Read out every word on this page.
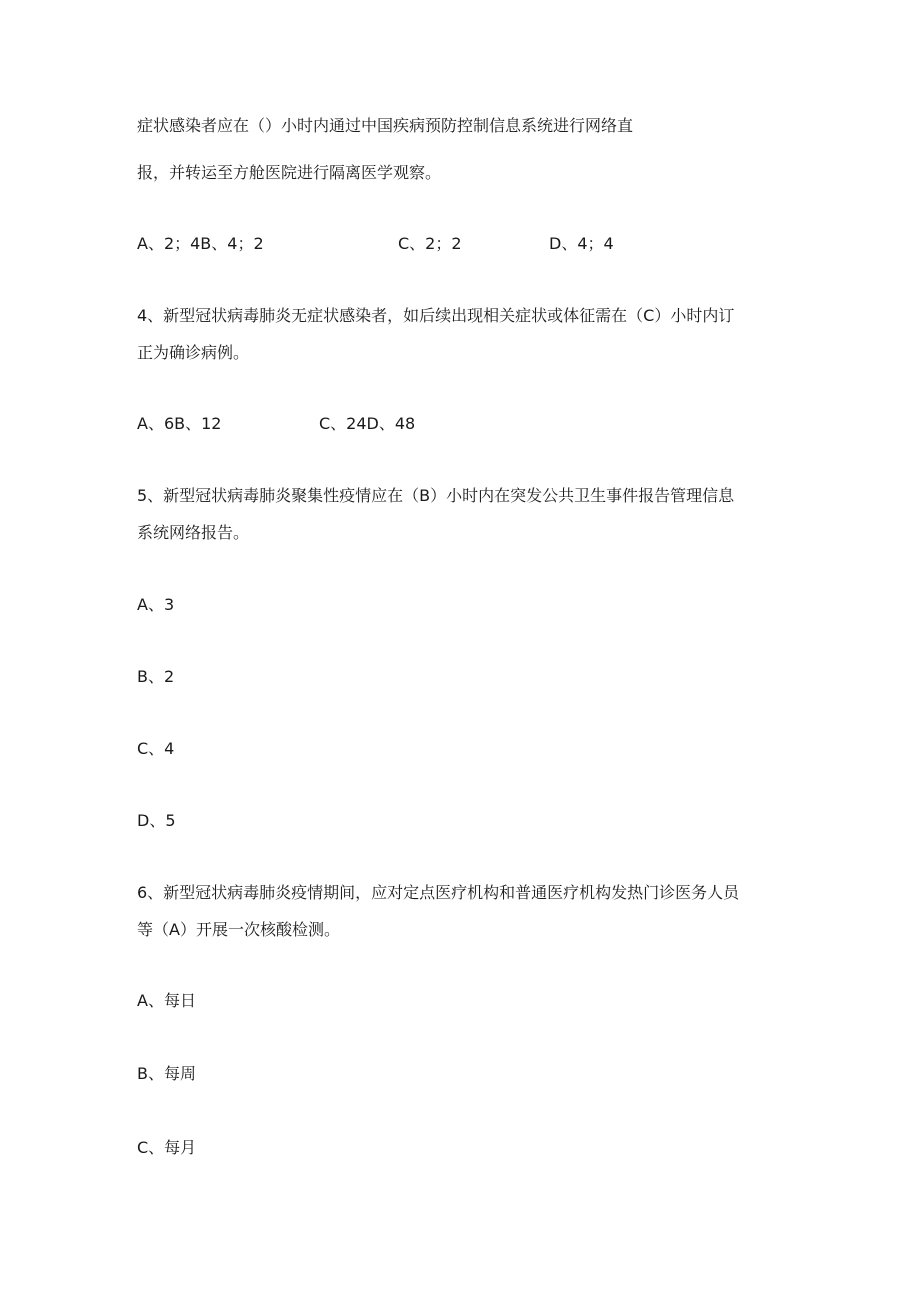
症状感染者应在（）小时内通过中国疾病预防控制信息系统进行网络直

报，并转运至方舱医院进行隔离医学观察。

A、2；4B、4；2	C、2；2	D、4；4

4、新型冠状病毒肺炎无症状感染者，如后续出现相关症状或体征需在（C）小时内订

正为确诊病例。

A、6B、12	C、24D、48

5、新型冠状病毒肺炎聚集性疫情应在（B）小时内在突发公共卫生事件报告管理信息

系统网络报告。

A、3

B、2

C、4

D、5

6、新型冠状病毒肺炎疫情期间，应对定点医疗机构和普通医疗机构发热门诊医务人员

等（A）开展一次核酸检测。

A、每日

B、每周

C、每月
